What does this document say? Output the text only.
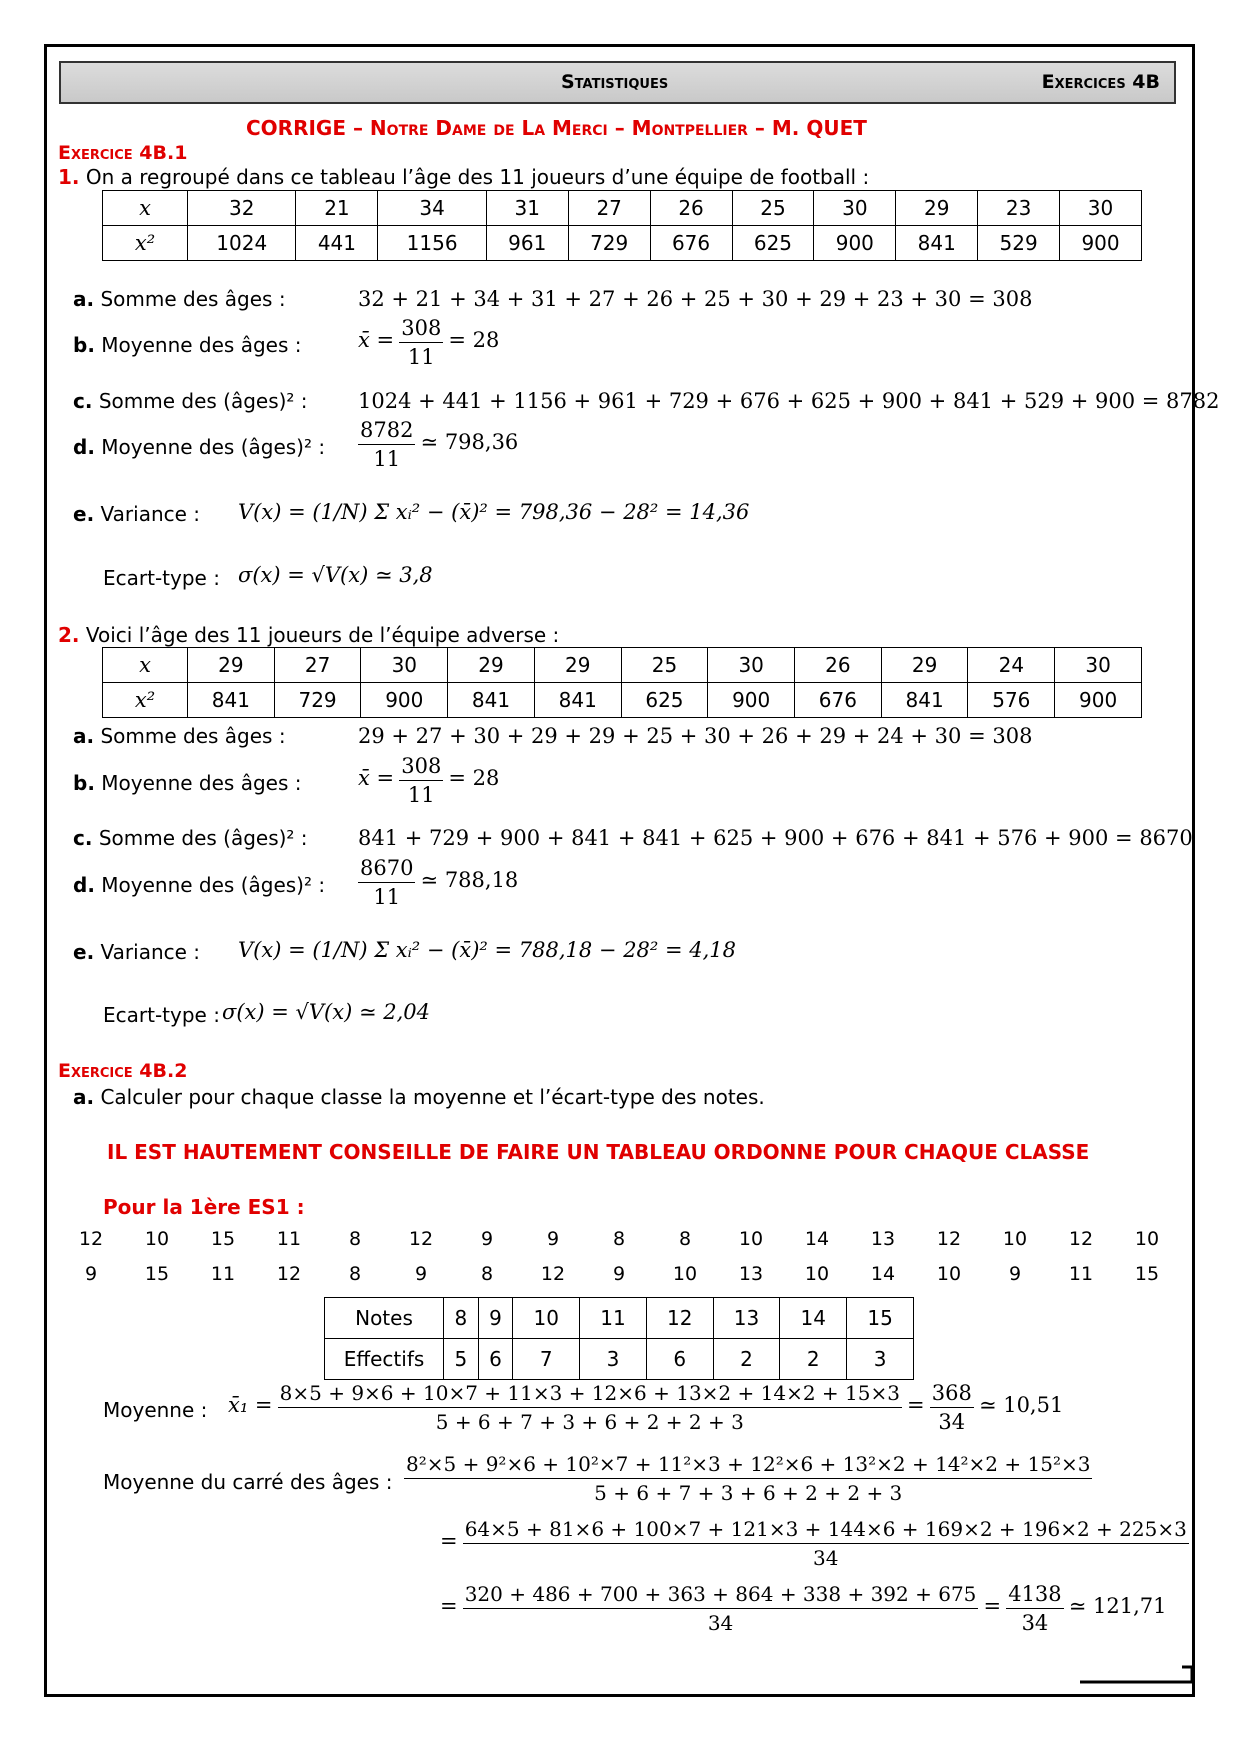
Statistiques	Exercices 4B
CORRIGE – Notre Dame de La Merci – Montpellier – M. QUET
Exercice 4B.1
1. On a regroupé dans ce tableau l’âge des 11 joueurs d’une équipe de football :
x	32	21	34	31	27	26	25	30	29	23	30
x²	1024	441	1156	961	729	676	625	900	841	529	900
a. Somme des âges :	32 + 21 + 34 + 31 + 27 + 26 + 25 + 30 + 29 + 23 + 30 = 308
b. Moyenne des âges :	x̄ = $\frac{308}{11} = 28$
c. Somme des (âges)² : 1024 + 441 + 1156 + 961 + 729 + 676 + 625 + 900 + 841 + 529 + 900 = 8782
d. Moyenne des (âges)² : $\frac{8782}{11}$ ≃ 798,36
e. Variance : V(x) = (1/N) Σ xᵢ² − (x̄)² = 798,36 − 28² = 14,36
Ecart-type : σ(x) = √V(x) ≃ 3,8
2. Voici l’âge des 11 joueurs de l’équipe adverse :
x	29	27	30	29	29	25	30	26	29	24	30
x²	841	729	900	841	841	625	900	676	841	576	900
a. Somme des âges :	29 + 27 + 30 + 29 + 29 + 25 + 30 + 26 + 29 + 24 + 30 = 308
b. Moyenne des âges :	x̄ = $\frac{308}{11} = 28$
c. Somme des (âges)² : 841 + 729 + 900 + 841 + 841 + 625 + 900 + 676 + 841 + 576 + 900 = 8670
d. Moyenne des (âges)² : $\frac{8670}{11}$ ≃ 788,18
e. Variance : V(x) = (1/N) Σ xᵢ² − (x̄)² = 788,18 − 28² = 4,18
Ecart-type : σ(x) = √V(x) ≃ 2,04
Exercice 4B.2
a. Calculer pour chaque classe la moyenne et l’écart-type des notes.
IL EST HAUTEMENT CONSEILLE DE FAIRE UN TABLEAU ORDONNE POUR CHAQUE CLASSE
Pour la 1ère ES1 :
12	10	15	11	8	12	9	9	8	8	10	14	13	12	10	12	10
9	15	11	12	8	9	8	12	9	10	13	10	14	10	9	11	15
Notes	8	9	10	11	12	13	14	15
Effectifs	5	6	7	3	6	2	2	3
Moyenne : x̄₁ = $\frac{8\times 5 + 9\times 6 + 10\times 7 + 11\times 3 + 12\times 6 + 13\times 2 + 14\times 2 + 15\times 3}{5 + 6 + 7 + 3 + 6 + 2 + 2 + 3} = \frac{368}{34}$ ≃ 10,51
Moyenne du carré des âges : $\frac{\text{8²×5 + 9²×6 + 10²×7 + 11²×3 + 12²×6 + 13²×2 + 14²×2 + 15²×3}}{5 + 6 + 7 + 3 + 6 + 2 + 2 + 3}$
= $\frac{64\times 5 + 81\times 6 + 100\times 7 + 121\times 3 + 144\times 6 + 169\times 2 + 196\times 2 + 225\times 3}{34}$
= $\frac{320 + 486 + 700 + 363 + 864 + 338 + 392 + 675}{34} = \frac{4138}{34}$ ≃ 121,71
